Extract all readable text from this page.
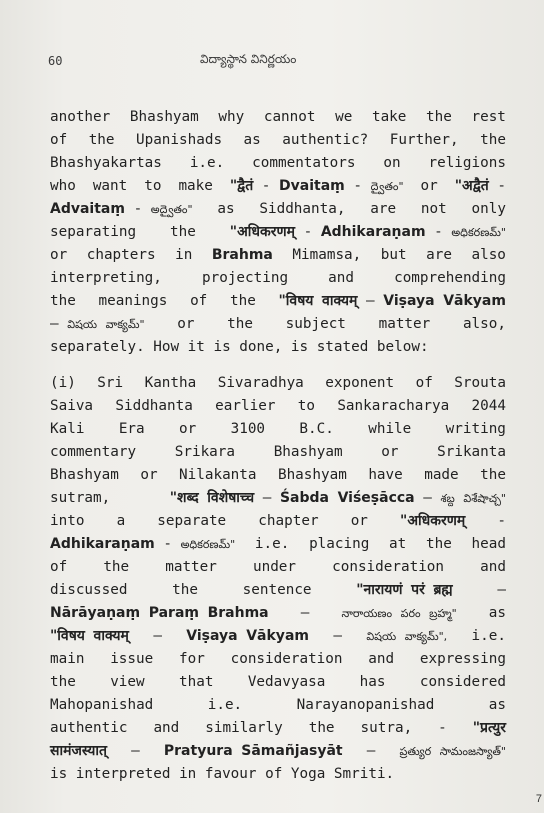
60	విద్యాస్థాన వినిర్ణయం
another Bhashyam why cannot we take the rest
of the Upanishads as authentic? Further, the
Bhashyakartas i.e. commentators on religions
who want to make "द्वैतं - Dvaitaṃ - ద్వైతం" or "अद्वैतं -
Advaitaṃ - అద్వైతం" as Siddhanta, are not only
separating the "अधिकरणम् - Adhikaraṇam - అధికరణమ్"
or chapters in Brahma Mimamsa, but are also
interpreting,	projecting	and	comprehending
the meanings of the "विषय वाक्यम् – Viṣaya Vākyam
– విషయ వాక్యమ్" or the subject matter also,
separately. How it is done, is stated below:
(i) Sri Kantha Sivaradhya exponent of Srouta
Saiva Siddhanta earlier to Sankaracharya 2044
Kali Era or 3100 B.C. while writing
commentary	Srikara	Bhashyam	or	Srikanta
Bhashyam or Nilakanta Bhashyam have made the
sutram,	"शब्द विशेषाच्च – Śabda Viśeṣācca – శబ్ద విశేషాచ్చ"
into a separate chapter or "अधिकरणम् -
Adhikaraṇam - అధికరణమ్" i.e. placing at the head
of	the	matter	under	consideration	and
discussed	the	sentence	"नारायणं परं ब्रह्म	–
Nārāyaṇaṃ Paraṃ Brahma –	నారాయణం పరం బ్రహ్మ" as
"विषय वाक्यम् – Viṣaya Vākyam – విషయ వాక్యమ్", i.e.
main issue for consideration and expressing
the view that Vedavyasa has considered
Mahopanishad	i.e.	Narayanopanishad	as
authentic and similarly the sutra, - "प्रत्युर
सामंजस्यात् – Pratyura Sāmañjasyāt – ప్రత్యుర సామంజస్యాత్"
is interpreted in favour of Yoga Smriti.
7
